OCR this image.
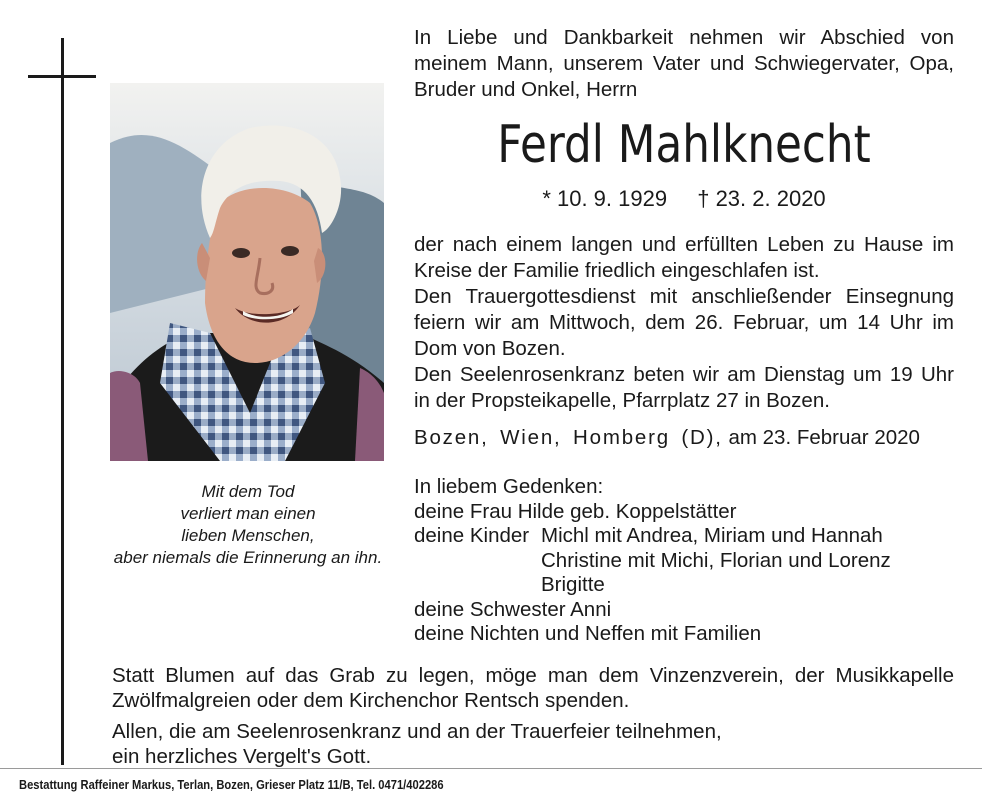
Mit dem Tod
verliert man einen
lieben Menschen,
aber niemals die Erinnerung an ihn.
In Liebe und Dankbarkeit nehmen wir Abschied von
meinem Mann, unserem Vater und Schwiegervater, Opa,
Bruder und Onkel, Herrn
Ferdl Mahlknecht
* 10. 9. 1929 † 23. 2. 2020
der nach einem langen und erfüllten Leben zu Hause im
Kreise der Familie friedlich eingeschlafen ist.
Den Trauergottesdienst mit anschließender Einsegnung
feiern wir am Mittwoch, dem 26. Februar, um 14 Uhr im
Dom von Bozen.
Den Seelenrosenkranz beten wir am Dienstag um 19 Uhr
in der Propsteikapelle, Pfarrplatz 27 in Bozen.
Bozen, Wien, Homberg (D), am 23. Februar 2020
In liebem Gedenken:
deine Frau Hilde geb. Koppelstätter
deine Kinder Michl mit Andrea, Miriam und Hannah
Christine mit Michi, Florian und Lorenz
Brigitte
deine Schwester Anni
deine Nichten und Neffen mit Familien
Statt Blumen auf das Grab zu legen, möge man dem Vinzenzverein, der Musikkapelle
Zwölfmalgreien oder dem Kirchenchor Rentsch spenden.
Allen, die am Seelenrosenkranz und an der Trauerfeier teilnehmen,
ein herzliches Vergelt's Gott.
Bestattung Raffeiner Markus, Terlan, Bozen, Grieser Platz 11/B, Tel. 0471/402286
